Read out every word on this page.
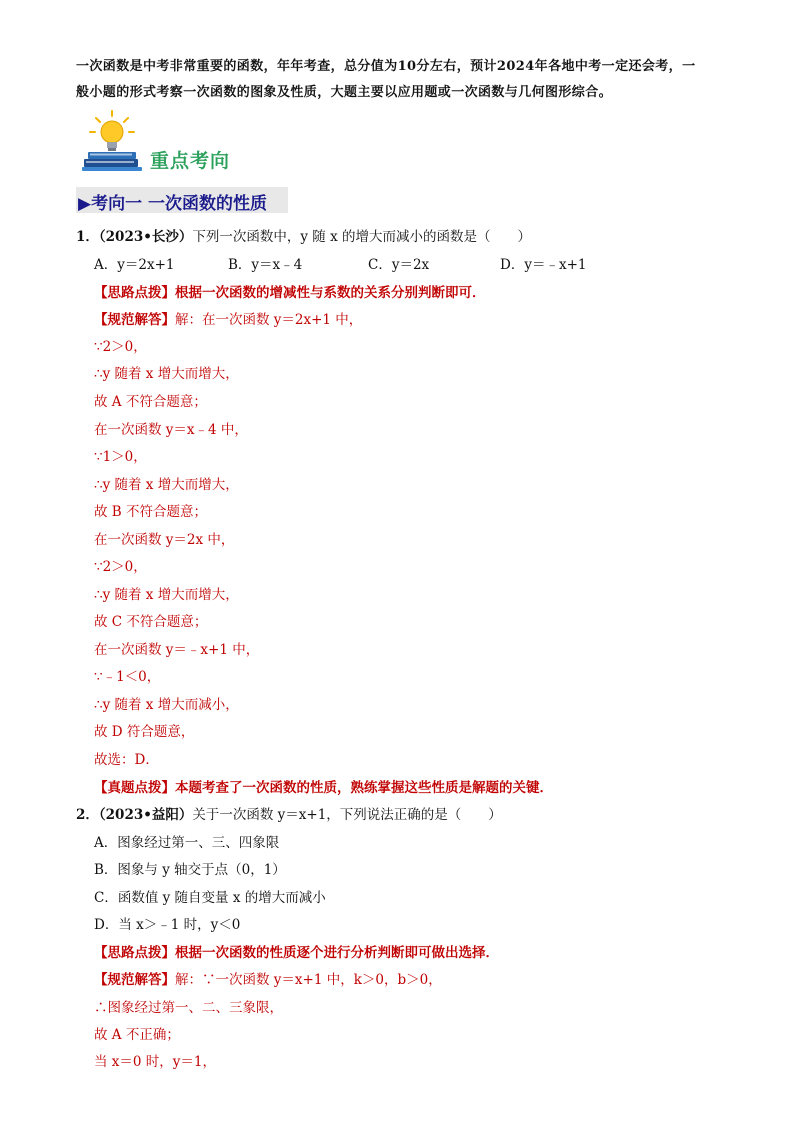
一次函数是中考非常重要的函数，年年考查，总分值为10分左右，预计2024年各地中考一定还会考，一
般小题的形式考察一次函数的图象及性质，大题主要以应用题或一次函数与几何图形综合。
重点考向
▶考向一 一次函数的性质
1．（2023•长沙）下列一次函数中，y 随 x 的增大而减小的函数是（　　）
A．y＝2x+1	B．y＝x﹣4	C．y＝2x	D．y＝﹣x+1
【思路点拨】根据一次函数的增减性与系数的关系分别判断即可．
【规范解答】解：在一次函数 y＝2x+1 中，
∵2＞0，
∴y 随着 x 增大而增大，
故 A 不符合题意；
在一次函数 y＝x﹣4 中，
∵1＞0，
∴y 随着 x 增大而增大，
故 B 不符合题意；
在一次函数 y＝2x 中，
∵2＞0，
∴y 随着 x 增大而增大，
故 C 不符合题意；
在一次函数 y＝﹣x+1 中，
∵﹣1＜0，
∴y 随着 x 增大而减小，
故 D 符合题意，
故选：D．
【真题点拨】本题考查了一次函数的性质，熟练掌握这些性质是解题的关键．
2．（2023•益阳）关于一次函数 y＝x+1，下列说法正确的是（　　）
A．图象经过第一、三、四象限
B．图象与 y 轴交于点（0，1）
C．函数值 y 随自变量 x 的增大而减小
D．当 x＞﹣1 时，y＜0
【思路点拨】根据一次函数的性质逐个进行分析判断即可做出选择．
【规范解答】解：∵一次函数 y＝x+1 中，k＞0，b＞0，
∴图象经过第一、二、三象限，
故 A 不正确；
当 x＝0 时，y＝1，
